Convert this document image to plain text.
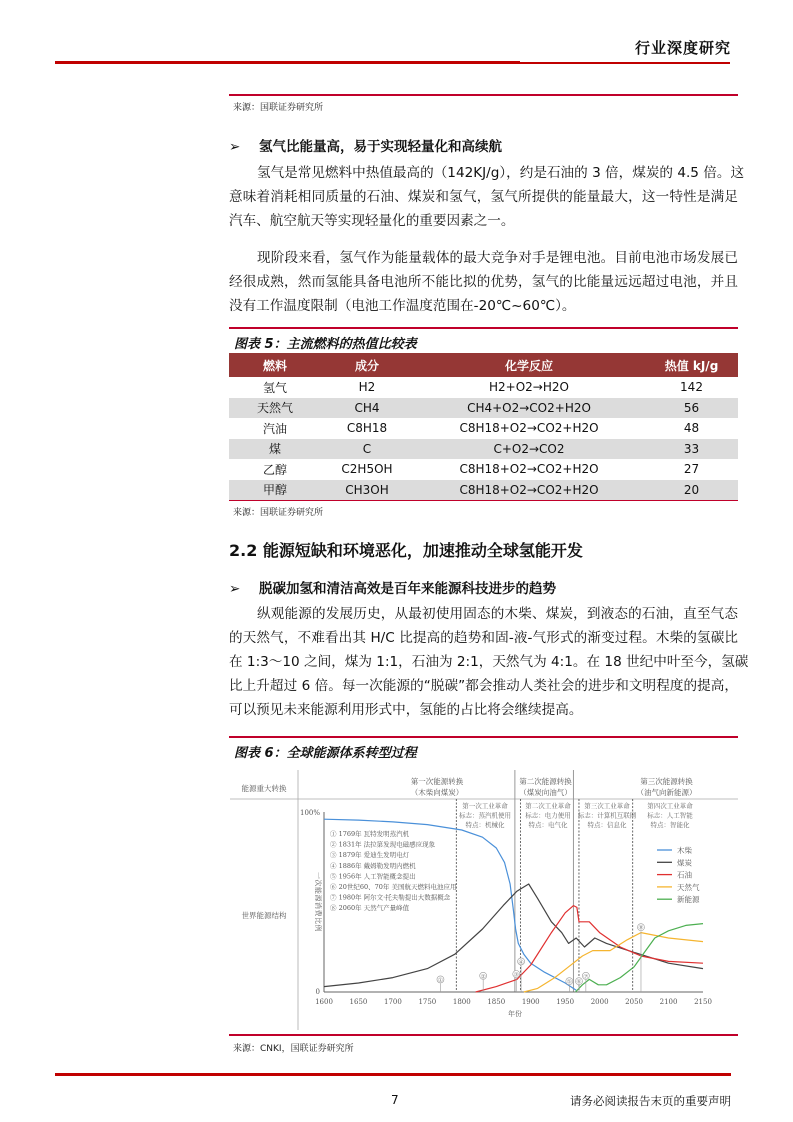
行业深度研究
来源：国联证券研究所
➢ 氢气比能量高，易于实现轻量化和高续航
氢气是常见燃料中热值最高的（142KJ/g），约是石油的 3 倍，煤炭的 4.5 倍。这
意味着消耗相同质量的石油、煤炭和氢气，氢气所提供的能量最大，这一特性是满足
汽车、航空航天等实现轻量化的重要因素之一。
现阶段来看，氢气作为能量载体的最大竞争对手是锂电池。目前电池市场发展已
经很成熟，然而氢能具备电池所不能比拟的优势，氢气的比能量远远超过电池，并且
没有工作温度限制（电池工作温度范围在-20℃~60℃）。
图表 5：主流燃料的热值比较表
燃料	成分	化学反应	热值 kJ/g
氢气	H2	H2+O2→H2O	142
天然气	CH4	CH4+O2→CO2+H2O	56
汽油	C8H18	C8H18+O2→CO2+H2O	48
煤	C	C+O2→CO2	33
乙醇	C2H5OH	C8H18+O2→CO2+H2O	27
甲醇	CH3OH	C8H18+O2→CO2+H2O	20
来源：国联证券研究所
2.2 能源短缺和环境恶化，加速推动全球氢能开发
➢ 脱碳加氢和清洁高效是百年来能源科技进步的趋势
纵观能源的发展历史，从最初使用固态的木柴、煤炭，到液态的石油，直至气态
的天然气，不难看出其 H/C 比提高的趋势和固-液-气形式的渐变过程。木柴的氢碳比
在 1:3～10 之间，煤为 1:1，石油为 2:1，天然气为 4:1。在 18 世纪中叶至今，氢碳
比上升超过 6 倍。每一次能源的“脱碳”都会推动人类社会的进步和文明程度的提高，
可以预见未来能源利用形式中，氢能的占比将会继续提高。
图表 6：全球能源体系转型过程
能源重大转换
世界能源结构
第一次能源转换
（木柴向煤炭）
第二次能源转换
（煤炭向油气）
第三次能源转换
（油气向新能源）
第一次工业革命
标志：蒸汽机使用
特点：机械化
第二次工业革命
标志：电力使用
特点：电气化
第三次工业革命
标志：计算机互联网
特点：信息化
第四次工业革命
标志：人工智能
特点：智能化
0
100%
一次能源消费比例
1600 1650 1700 1750 1800 1850 1900 1950 2000 2050 2100 2150
年份
① 1769年 瓦特发明蒸汽机
② 1831年 法拉第发现电磁感应现象
③ 1879年 爱迪生发明电灯
④ 1886年 戴姆勒发明内燃机
⑤ 1956年 人工智能概念提出
⑥ 20世纪60、70年 美国航天燃料电池应用
⑦ 1980年 阿尔文·托夫勒提出大数据概念
⑧ 2060年 天然气产量峰值
木柴
煤炭
石油
天然气
新能源
①
②	③
④
⑤ ⑥
⑦
⑧
来源：CNKI，国联证券研究所
7	请务必阅读报告末页的重要声明
